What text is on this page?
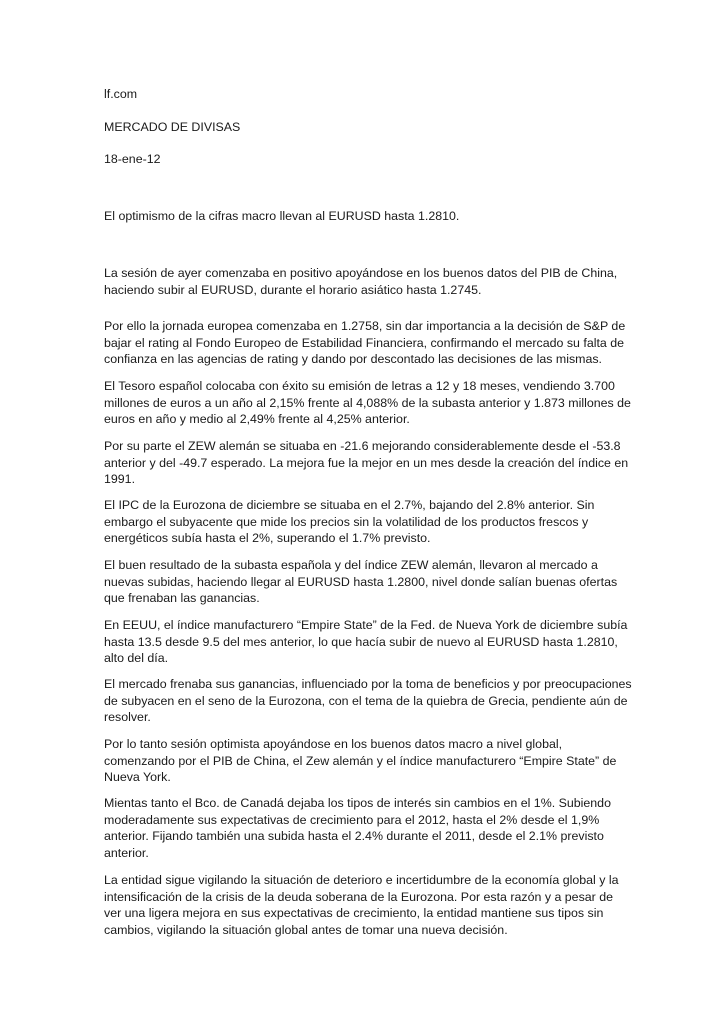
lf.com
MERCADO DE DIVISAS
18-ene-12
El optimismo de la cifras macro llevan al EURUSD hasta 1.2810.

La sesión de ayer comenzaba en positivo apoyándose en los buenos datos del PIB de China, haciendo subir al EURUSD, durante el horario asiático hasta 1.2745.

Por ello la jornada europea comenzaba en 1.2758, sin dar importancia a la decisión de S&P de bajar el rating al Fondo Europeo de Estabilidad Financiera, confirmando el mercado su falta de confianza en las agencias de rating y dando por descontado las decisiones de las mismas.

El Tesoro español colocaba con éxito su emisión de letras a 12 y 18 meses, vendiendo 3.700 millones de euros a un año al 2,15% frente al 4,088% de la subasta anterior y 1.873 millones de euros en año y medio al 2,49% frente al 4,25% anterior.

Por su parte el ZEW alemán se situaba en -21.6 mejorando considerablemente desde el -53.8 anterior y del -49.7 esperado. La mejora fue la mejor en un mes desde la creación del índice en 1991.

El IPC de la Eurozona de diciembre se situaba en el 2.7%, bajando del 2.8% anterior. Sin embargo el subyacente que mide los precios sin la volatilidad de los productos frescos y energéticos subía hasta el 2%, superando el 1.7% previsto.

El buen resultado de la subasta española y del índice ZEW alemán, llevaron al mercado a nuevas subidas, haciendo llegar al EURUSD hasta 1.2800, nivel donde salían buenas ofertas que frenaban las ganancias.

En EEUU, el índice manufacturero “Empire State” de la Fed. de Nueva York de diciembre subía hasta 13.5 desde 9.5 del mes anterior, lo que hacía subir de nuevo al EURUSD hasta 1.2810, alto del día.

El mercado frenaba sus ganancias, influenciado por la toma de beneficios y por preocupaciones de subyacen en el seno de la Eurozona, con el tema de la quiebra de Grecia, pendiente aún de resolver.

Por lo tanto sesión optimista apoyándose en los buenos datos macro a nivel global, comenzando por el PIB de China, el Zew alemán y el índice manufacturero “Empire State” de Nueva York.

Mientas tanto el Bco. de Canadá dejaba los tipos de interés sin cambios en el 1%. Subiendo moderadamente sus expectativas de crecimiento para el 2012, hasta el 2% desde el 1,9% anterior. Fijando también una subida hasta el 2.4% durante el 2011, desde el 2.1% previsto anterior.

La entidad sigue vigilando la situación de deterioro e incertidumbre de la economía global y la intensificación de la crisis de la deuda soberana de la Eurozona. Por esta razón y a pesar de ver una ligera mejora en sus expectativas de crecimiento, la entidad mantiene sus tipos sin cambios, vigilando la situación global antes de tomar una nueva decisión.
